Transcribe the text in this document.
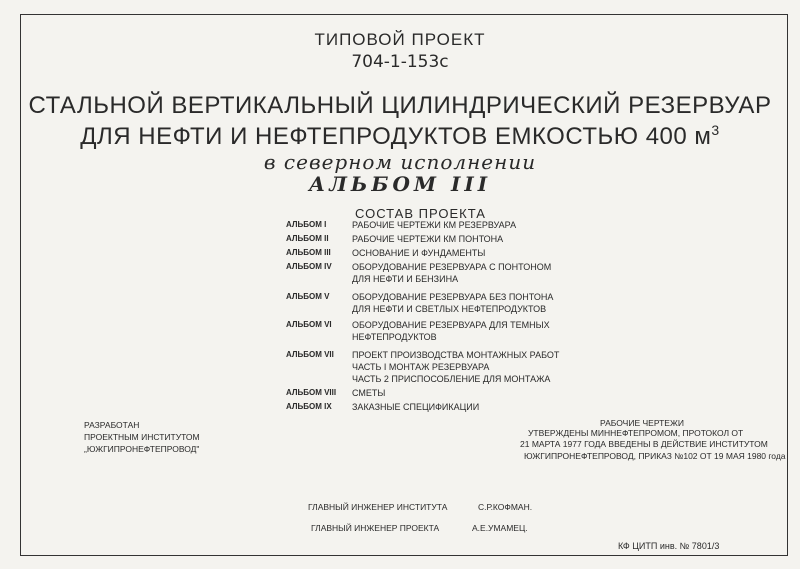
ТИПОВОЙ ПРОЕКТ
704-1-153с
СТАЛЬНОЙ ВЕРТИКАЛЬНЫЙ ЦИЛИНДРИЧЕСКИЙ РЕЗЕРВУАР
ДЛЯ НЕФТИ И НЕФТЕПРОДУКТОВ ЕМКОСТЬЮ 400 $м^3$
в северном исполнении
АЛЬБОМ III
СОСТАВ ПРОЕКТА
АЛЬБОМ I	РАБОЧИЕ ЧЕРТЕЖИ КМ РЕЗЕРВУАРА
АЛЬБОМ II	РАБОЧИЕ ЧЕРТЕЖИ КМ ПОНТОНА
АЛЬБОМ III ОСНОВАНИЕ И ФУНДАМЕНТЫ
АЛЬБОМ IV ОБОРУДОВАНИЕ РЕЗЕРВУАРА С ПОНТОНОМ
ДЛЯ НЕФТИ И БЕНЗИНА
АЛЬБОМ V	ОБОРУДОВАНИЕ РЕЗЕРВУАРА БЕЗ ПОНТОНА
ДЛЯ НЕФТИ И СВЕТЛЫХ НЕФТЕПРОДУКТОВ
АЛЬБОМ VI ОБОРУДОВАНИЕ РЕЗЕРВУАРА ДЛЯ ТЕМНЫХ
НЕФТЕПРОДУКТОВ
АЛЬБОМ VII ПРОЕКТ ПРОИЗВОДСТВА МОНТАЖНЫХ РАБОТ
ЧАСТЬ I МОНТАЖ РЕЗЕРВУАРА
ЧАСТЬ 2 ПРИСПОСОБЛЕНИЕ ДЛЯ МОНТАЖА
АЛЬБОМ VIII СМЕТЫ
АЛЬБОМ IX ЗАКАЗНЫЕ СПЕЦИФИКАЦИИ
РАЗРАБОТАН
ПРОЕКТНЫМ ИНСТИТУТОМ
„ЮЖГИПРОНЕФТЕПРОВОД"
РАБОЧИЕ ЧЕРТЕЖИ
УТВЕРЖДЕНЫ МИННЕФТЕПРОМОМ, ПРОТОКОЛ ОТ
21 МАРТА 1977 ГОДА ВВЕДЕНЫ В ДЕЙСТВИЕ ИНСТИТУТОМ
ЮЖГИПРОНЕФТЕПРОВОД, ПРИКАЗ №102 ОТ 19 МАЯ 1980 года
ГЛАВНЫЙ ИНЖЕНЕР ИНСТИТУТА	С.Р.КОФМАН.
ГЛАВНЫЙ ИНЖЕНЕР ПРОЕКТА	А.Е.УМАМЕЦ.
КФ ЦИТП инв. № 7801/3
